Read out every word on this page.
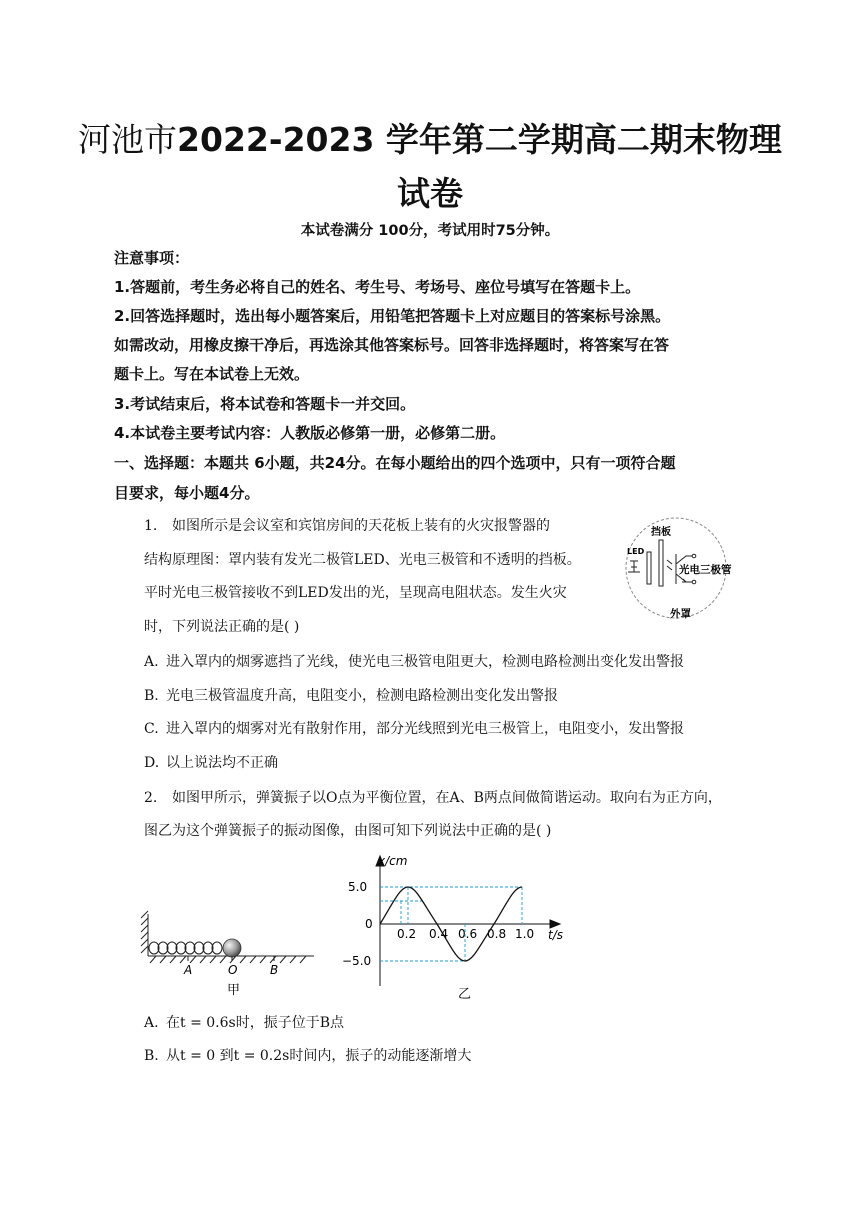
河池市2022-2023 学年第二学期高二期末物理
试卷
本试卷满分 100分，考试用时75分钟。
注意事项：
1.答题前，考生务必将自己的姓名、考生号、考场号、座位号填写在答题卡上。
2.回答选择题时，选出每小题答案后，用铅笔把答题卡上对应题目的答案标号涂黑。
如需改动，用橡皮擦干净后，再选涂其他答案标号。回答非选择题时，将答案写在答
题卡上。写在本试卷上无效。
3.考试结束后，将本试卷和答题卡一并交回。
4.本试卷主要考试内容：人教版必修第一册，必修第二册。
一、选择题：本题共 6小题，共24分。在每小题给出的四个选项中，只有一项符合题
目要求，每小题4分。
1. 如图所示是会议室和宾馆房间的天花板上装有的火灾报警器的
结构原理图：罩内装有发光二极管LED、光电三极管和不透明的挡板。
平时光电三极管接收不到LED发出的光，呈现高电阻状态。发生火灾
时，下列说法正确的是( )
LED
挡板
光电三极管
外罩
A. 进入罩内的烟雾遮挡了光线，使光电三极管电阻更大，检测电路检测出变化发出警报
B. 光电三极管温度升高，电阻变小，检测电路检测出变化发出警报
C. 进入罩内的烟雾对光有散射作用，部分光线照到光电三极管上，电阻变小，发出警报
D. 以上说法均不正确
2. 如图甲所示，弹簧振子以O点为平衡位置，在A、B两点间做简谐运动。取向右为正方向，
图乙为这个弹簧振子的振动图像，由图可知下列说法中正确的是( )
A	O	B
甲
x/cm
t/s
0
5.0
−5.0
0.2 0.4 0.6 0.8 1.0
乙
A. 在t = 0.6s时，振子位于B点
B. 从t = 0 到t = 0.2s时间内，振子的动能逐渐增大
